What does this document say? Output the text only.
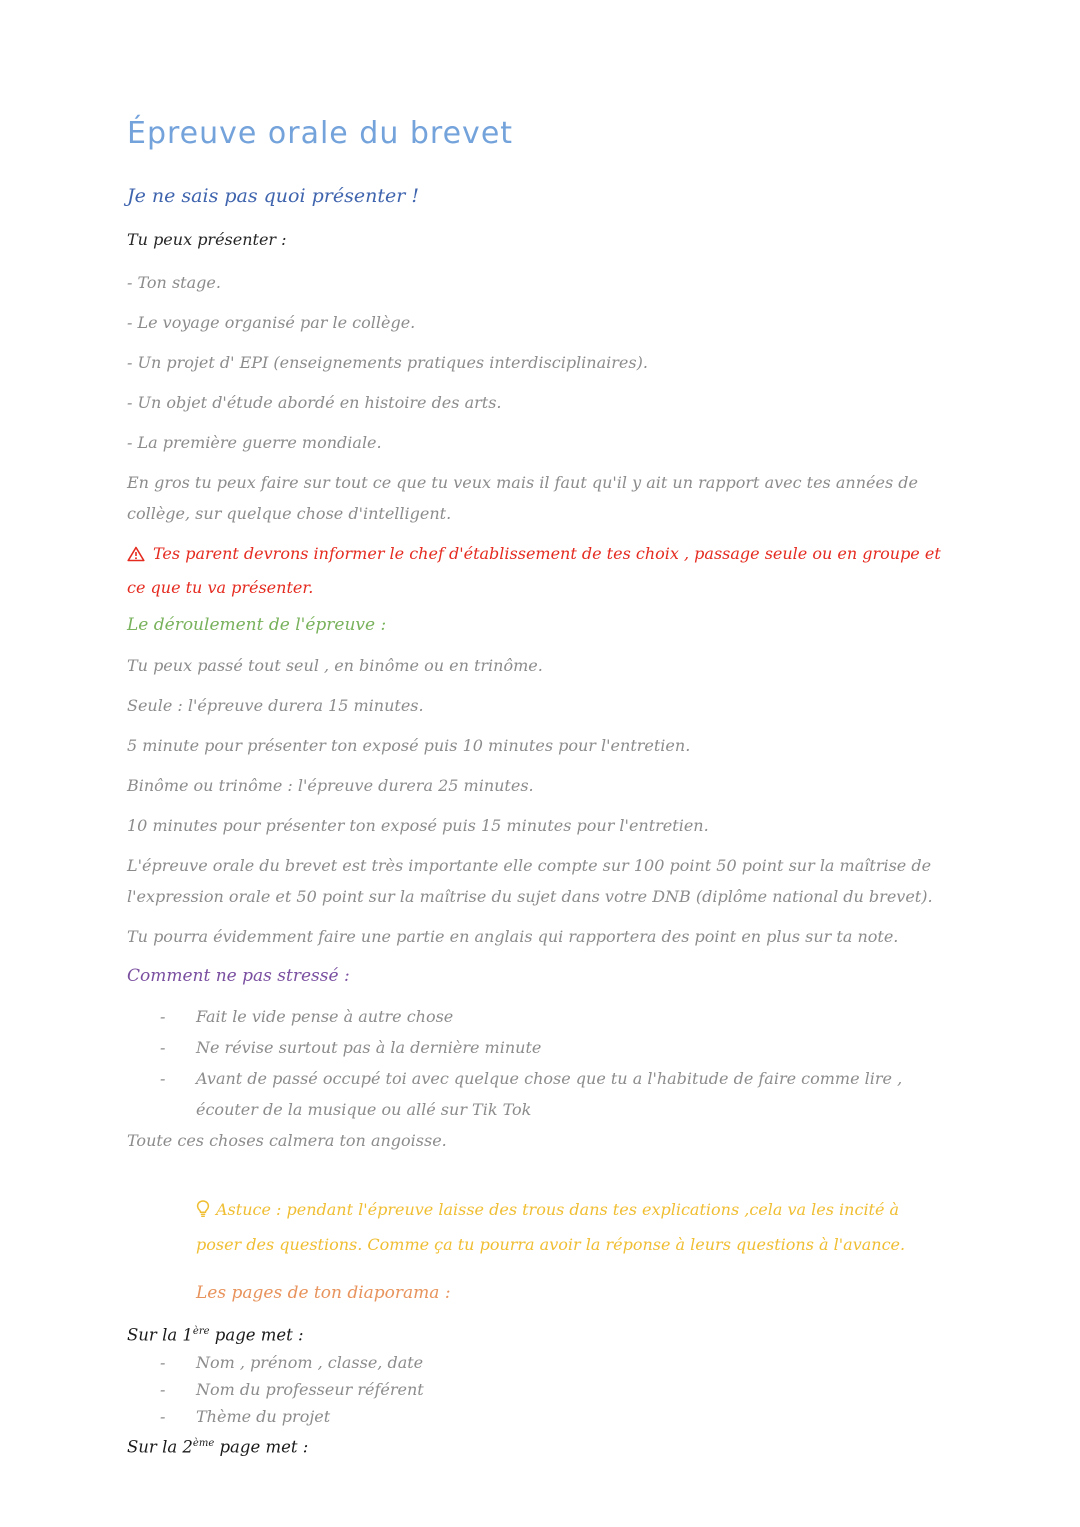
Épreuve orale du brevet

Je ne sais pas quoi présenter !

Tu peux présenter :

- Ton stage.

- Le voyage organisé par le collège.

- Un projet d' EPI (enseignements pratiques interdisciplinaires).

- Un objet d'étude abordé en histoire des arts.

- La première guerre mondiale.

En gros tu peux faire sur tout ce que tu veux mais il faut qu'il y ait un rapport avec tes années de collège, sur quelque chose d'intelligent.

Tes parent devrons informer le chef d'établissement de tes choix , passage seule ou en groupe et ce que tu va présenter.

Le déroulement de l'épreuve :

Tu peux passé tout seul , en binôme ou en trinôme.

Seule : l'épreuve durera 15 minutes.

5 minute pour présenter ton exposé puis 10 minutes pour l'entretien.

Binôme ou trinôme : l'épreuve durera 25 minutes.

10 minutes pour présenter ton exposé puis 15 minutes pour l'entretien.

L'épreuve orale du brevet est très importante elle compte sur 100 point 50 point sur la maîtrise de l'expression orale et 50 point sur la maîtrise du sujet dans votre DNB (diplôme national du brevet).

Tu pourra évidemment faire une partie en anglais qui rapportera des point en plus sur ta note.

Comment ne pas stressé :

-	Fait le vide pense à autre chose
-	Ne révise surtout pas à la dernière minute
-	Avant de passé occupé toi avec quelque chose que tu a l'habitude de faire comme lire , écouter de la musique ou allé sur Tik Tok

Toute ces choses calmera ton angoisse.

Astuce : pendant l'épreuve laisse des trous dans tes explications ,cela va les incité à poser des questions. Comme ça tu pourra avoir la réponse à leurs questions à l'avance.

Les pages de ton diaporama :

Sur la 1ère page met :

-	Nom , prénom , classe, date
-	Nom du professeur référent
-	Thème du projet

Sur la 2ème page met :
